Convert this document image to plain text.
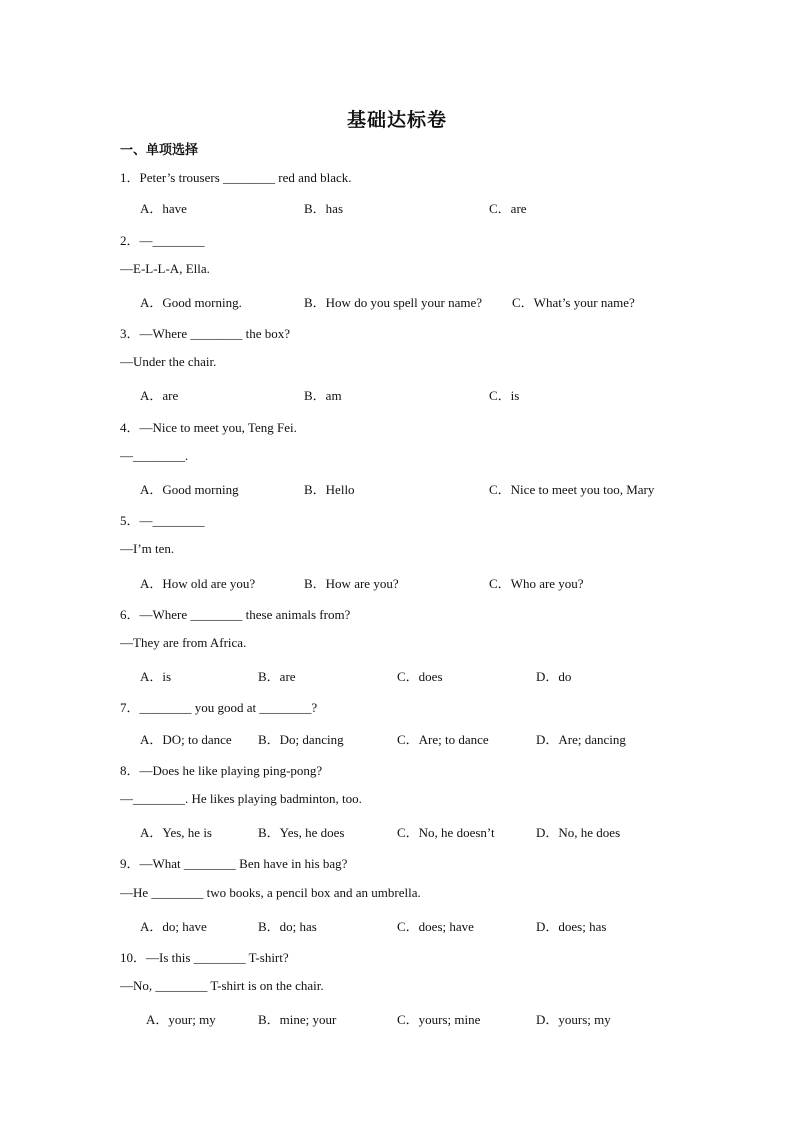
基础达标卷
一、单项选择
1．Peter’s trousers ________ red and black.
A．have	B．has	C．are
2．—________
—E-L-L-A, Ella.
A．Good morning.	B．How do you spell your name? C．What’s your name?
3．—Where ________ the box?
—Under the chair.
A．are	B．am	C．is
4．—Nice to meet you, Teng Fei.
—________.
A．Good morning	B．Hello	C．Nice to meet you too, Mary
5．—________
—I’m ten.
A．How old are you?	B．How are you?	C．Who are you?
6．—Where ________ these animals from?
—They are from Africa.
A．is	B．are	C．does	D．do
7．________ you good at ________?
A．DO; to dance B．Do; dancing	C．Are; to dance	D．Are; dancing
8．—Does he like playing ping-pong?
—________. He likes playing badminton, too.
A．Yes, he is	B．Yes, he does	C．No, he doesn’t	D．No, he does
9．—What ________ Ben have in his bag?
—He ________ two books, a pencil box and an umbrella.
A．do; have	B．do; has	C．does; have	D．does; has
10．—Is this ________ T-shirt?
—No, ________ T-shirt is on the chair.
A．your; my	B．mine; your	C．yours; mine	D．yours; my
